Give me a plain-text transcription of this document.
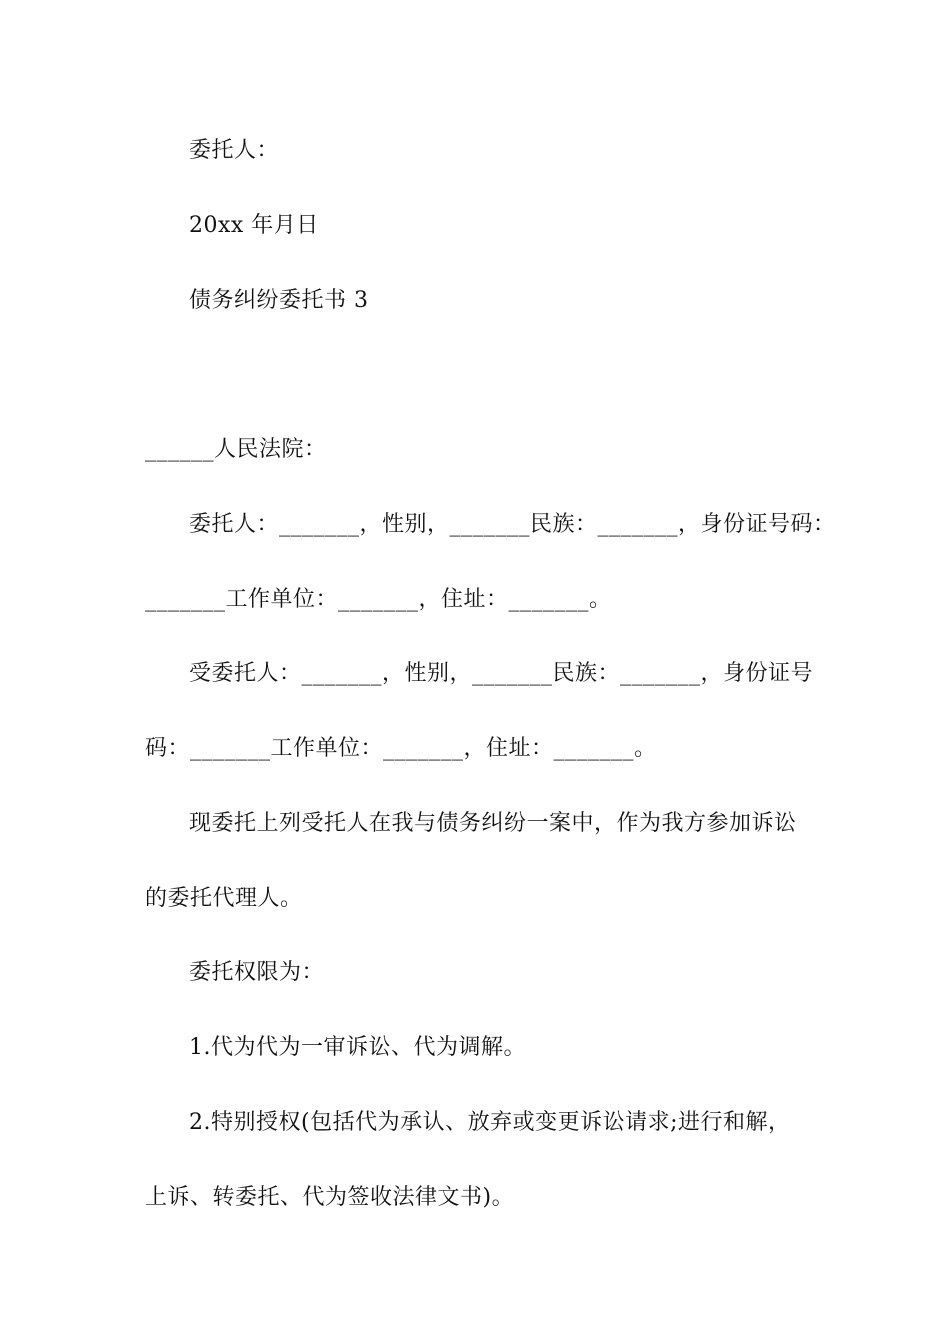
委托人：
20xx 年月日
债务纠纷委托书 3
______人民法院：
委托人：_______，性别，_______民族：_______，身份证号码：
_______工作单位：_______，住址：_______。
受委托人：_______，性别，_______民族：_______，身份证号
码：_______工作单位：_______，住址：_______。
现委托上列受托人在我与债务纠纷一案中，作为我方参加诉讼
的委托代理人。
委托权限为：
1.代为代为一审诉讼、代为调解。
2.特别授权(包括代为承认、放弃或变更诉讼请求;进行和解，
上诉、转委托、代为签收法律文书)。
